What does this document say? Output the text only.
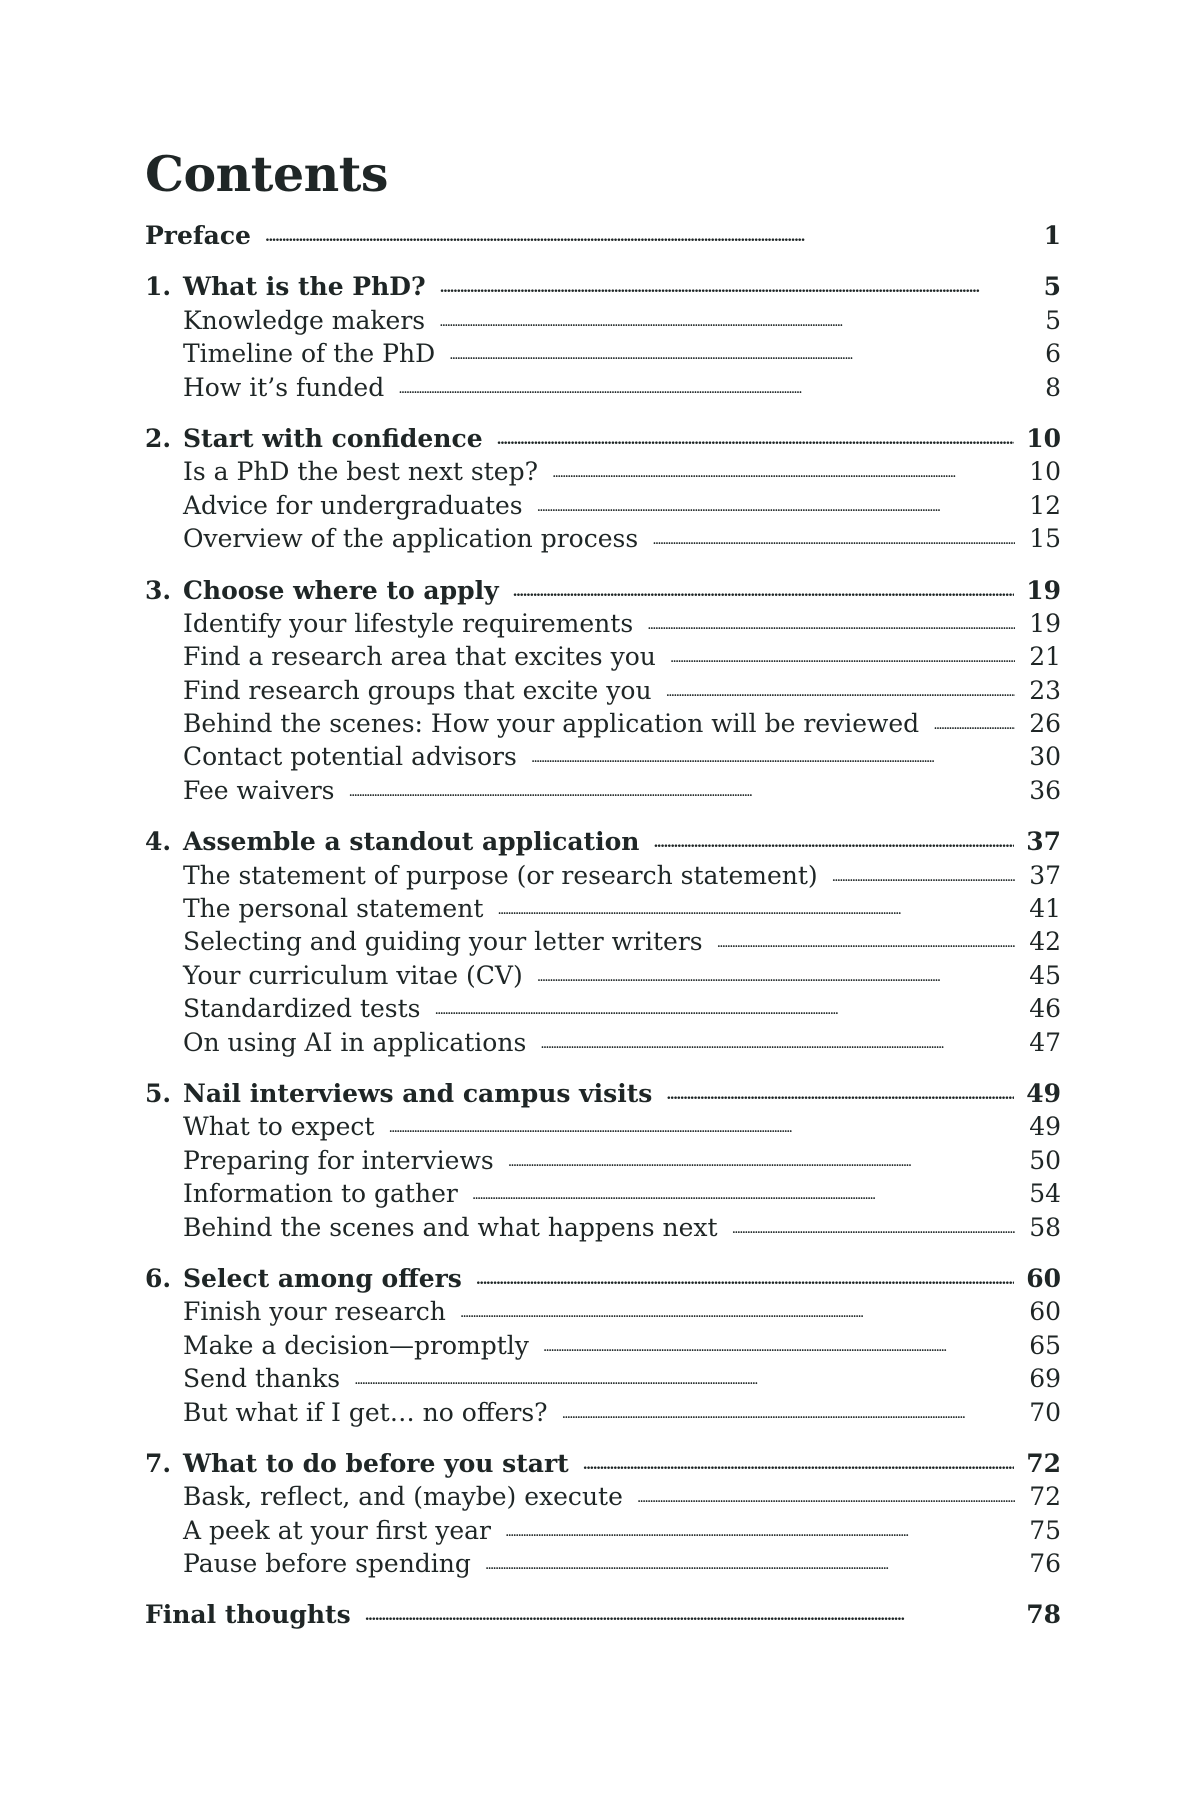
Contents
Preface . . .	1
1. What is the PhD? . . .	5
Knowledge makers . . .	5
Timeline of the PhD . . .	6
How it’s funded . . .	8
2. Start with confidence . . .	10
Is a PhD the best next step? . . .	10
Advice for undergraduates . . .	12
Overview of the application process . . .	15
3. Choose where to apply . . .	19
Identify your lifestyle requirements . . .	19
Find a research area that excites you . . .	21
Find research groups that excite you . . .	23
Behind the scenes: How your application will be reviewed . . .	26
Contact potential advisors . . .	30
Fee waivers . . .	36
4. Assemble a standout application . . .	37
The statement of purpose (or research statement) . . .	37
The personal statement . . .	41
Selecting and guiding your letter writers . . .	42
Your curriculum vitae (CV) . . .	45
Standardized tests . . .	46
On using AI in applications . . .	47
5. Nail interviews and campus visits . . .	49
What to expect . . .	49
Preparing for interviews . . .	50
Information to gather . . .	54
Behind the scenes and what happens next . . .	58
6. Select among offers . . .	60
Finish your research . . .	60
Make a decision—promptly . . .	65
Send thanks . . .	69
But what if I get… no offers? . . .	70
7. What to do before you start . . .	72
Bask, reflect, and (maybe) execute . . .	72
A peek at your first year . . .	75
Pause before spending . . .	76
Final thoughts . . .	78
